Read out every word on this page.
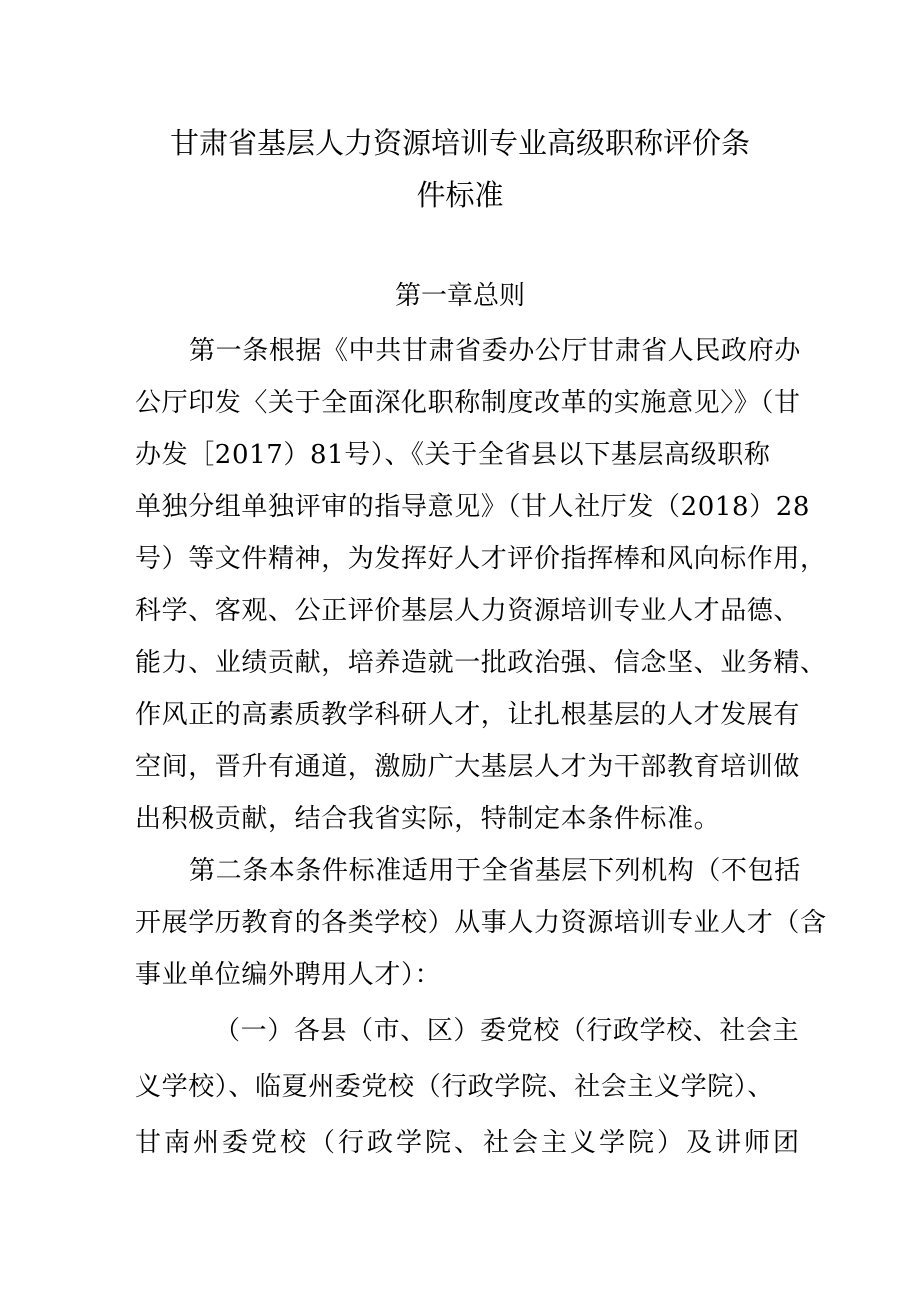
甘肃省基层人力资源培训专业高级职称评价条
件标准
第一章总则
第一条根据《中共甘肃省委办公厅甘肃省人民政府办
公厅印发〈关于全面深化职称制度改革的实施意见〉》（甘
办发［2017）81号）、《关于全省县以下基层高级职称
单独分组单独评审的指导意见》（甘人社厅发（2018）28
号）等文件精神，为发挥好人才评价指挥棒和风向标作用，
科学、客观、公正评价基层人力资源培训专业人才品德、
能力、业绩贡献，培养造就一批政治强、信念坚、业务精、
作风正的高素质教学科研人才，让扎根基层的人才发展有
空间，晋升有通道，激励广大基层人才为干部教育培训做
出积极贡献，结合我省实际，特制定本条件标准。
第二条本条件标准适用于全省基层下列机构（不包括
开展学历教育的各类学校）从事人力资源培训专业人才（含
事业单位编外聘用人才）：
（一）各县（市、区）委党校（行政学校、社会主
义学校）、临夏州委党校（行政学院、社会主义学院）、
甘南州委党校（行政学院、社会主义学院）及讲师团
